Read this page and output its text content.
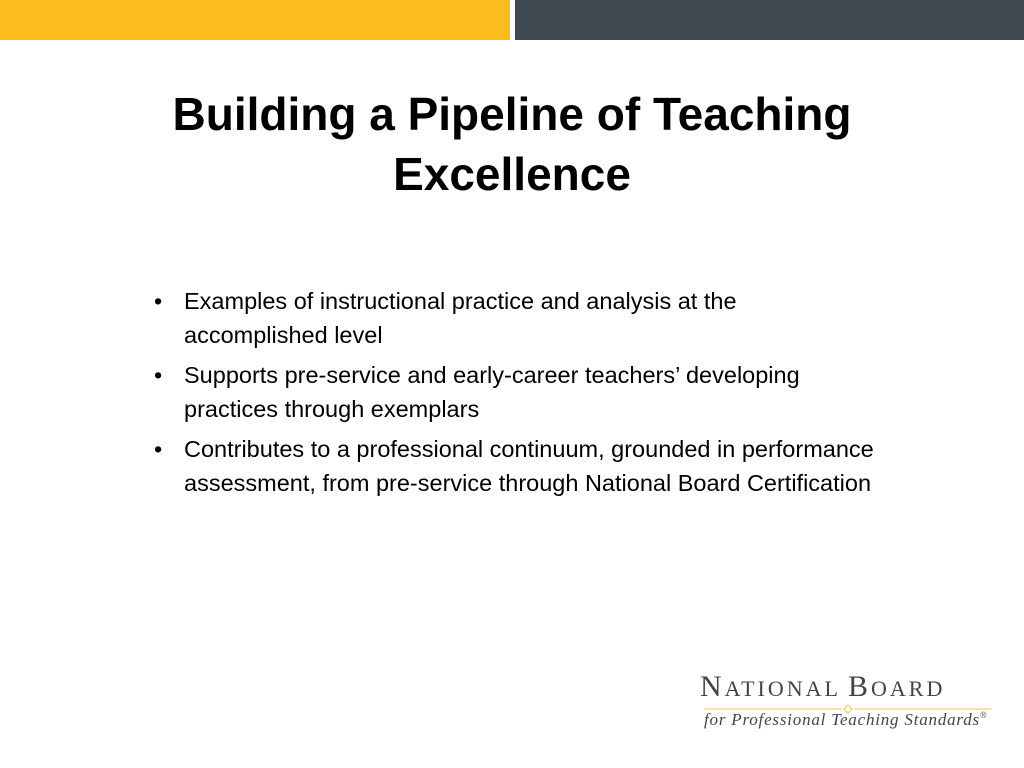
Building a Pipeline of Teaching Excellence
• Examples of instructional practice and analysis at the accomplished level
• Supports pre-service and early-career teachers’ developing practices through exemplars
• Contributes to a professional continuum, grounded in performance assessment, from pre-service through National Board Certification
NATIONAL BOARD
for Professional Teaching Standards®
